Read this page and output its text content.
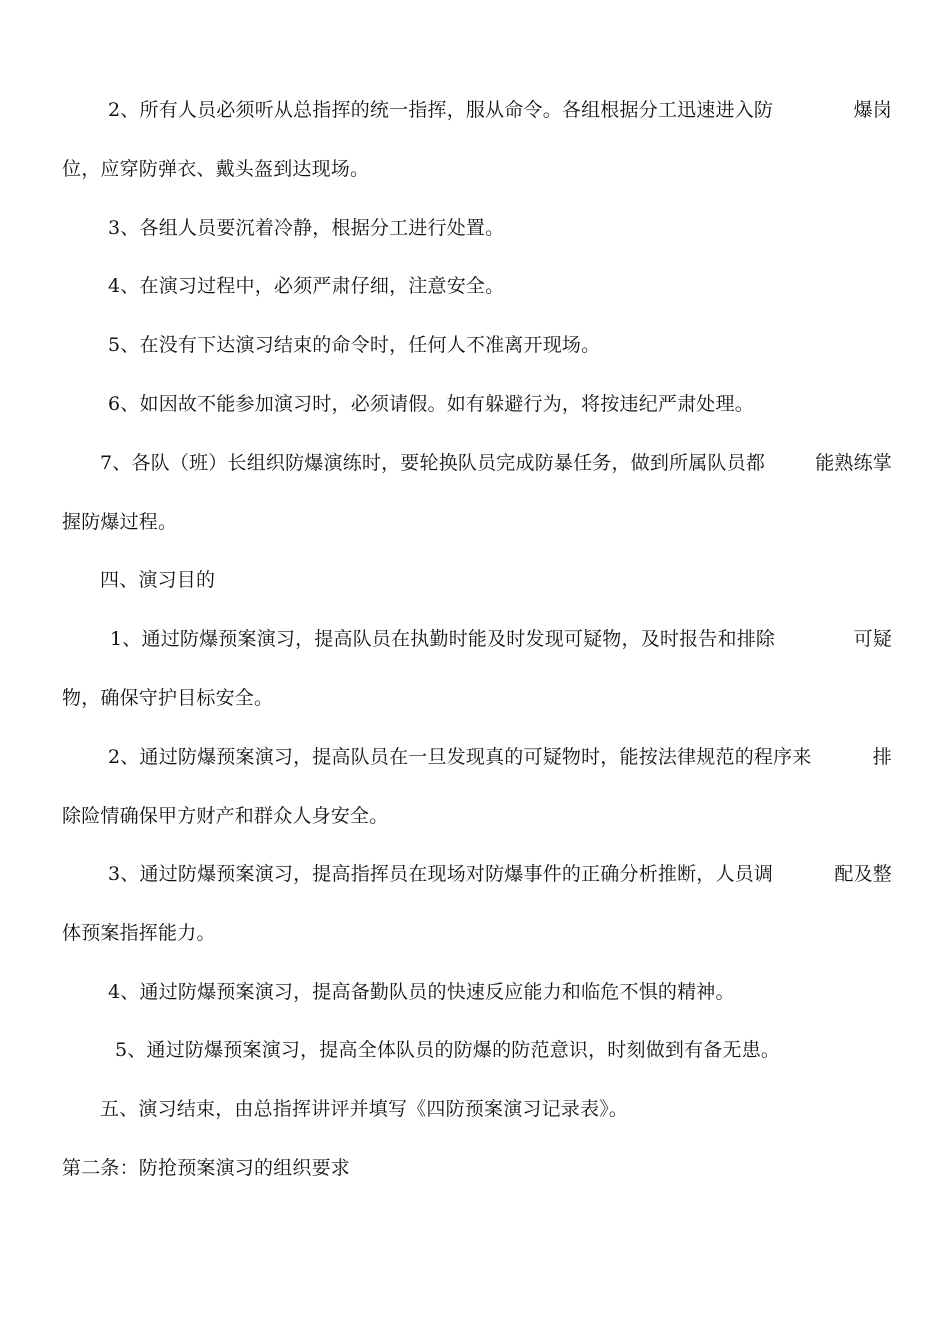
2、所有人员必须听从总指挥的统一指挥，服从命令。各组根据分工迅速进入防	爆岗
位，应穿防弹衣、戴头盔到达现场。
3、各组人员要沉着冷静，根据分工进行处置。
4、在演习过程中，必须严肃仔细，注意安全。
5、在没有下达演习结束的命令时，任何人不准离开现场。
6、如因故不能参加演习时，必须请假。如有躲避行为，将按违纪严肃处理。
7、各队（班）长组织防爆演练时，要轮换队员完成防暴任务，做到所属队员都	能熟练掌
握防爆过程。
四、演习目的
1、通过防爆预案演习，提高队员在执勤时能及时发现可疑物，及时报告和排除	可疑
物，确保守护目标安全。
2、通过防爆预案演习，提高队员在一旦发现真的可疑物时，能按法律规范的程序来	排
除险情确保甲方财产和群众人身安全。
3、通过防爆预案演习，提高指挥员在现场对防爆事件的正确分析推断，人员调	配及整
体预案指挥能力。
4、通过防爆预案演习，提高备勤队员的快速反应能力和临危不惧的精神。
5、通过防爆预案演习，提高全体队员的防爆的防范意识，时刻做到有备无患。
五、演习结束，由总指挥讲评并填写《四防预案演习记录表》。
第二条：防抢预案演习的组织要求
